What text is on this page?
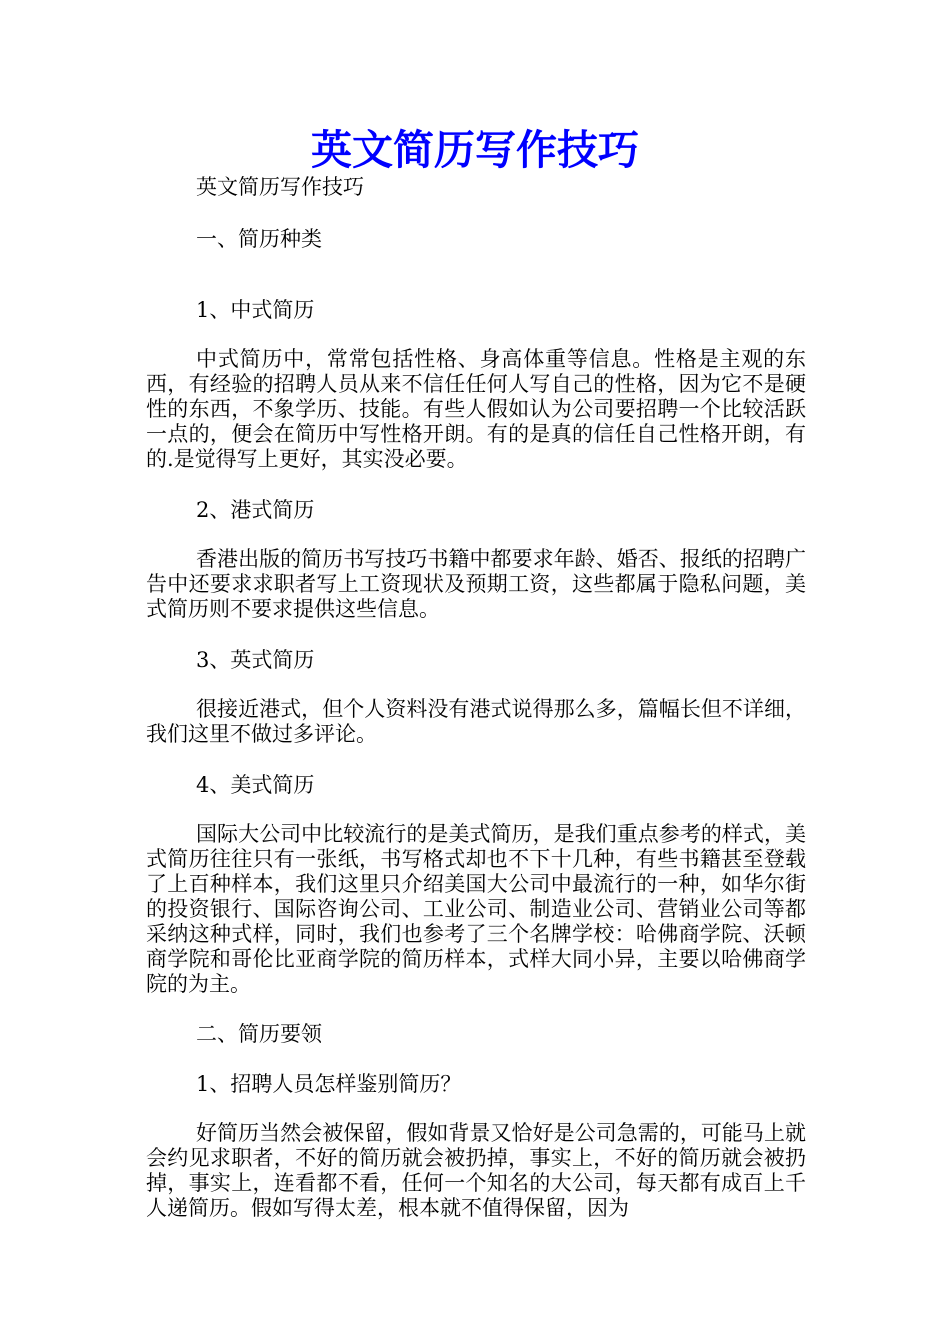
英文简历写作技巧

英文简历写作技巧

一、简历种类

1、中式简历

中式简历中，常常包括性格、身高体重等信息。性格是主观的东西，有经验的招聘人员从来不信任任何人写自己的性格，因为它不是硬性的东西，不象学历、技能。有些人假如认为公司要招聘一个比较活跃一点的，便会在简历中写性格开朗。有的是真的信任自己性格开朗，有的.是觉得写上更好，其实没必要。

2、港式简历

香港出版的简历书写技巧书籍中都要求年龄、婚否、报纸的招聘广告中还要求求职者写上工资现状及预期工资，这些都属于隐私问题，美式简历则不要求提供这些信息。

3、英式简历

很接近港式，但个人资料没有港式说得那么多，篇幅长但不详细，我们这里不做过多评论。

4、美式简历

国际大公司中比较流行的是美式简历，是我们重点参考的样式，美式简历往往只有一张纸，书写格式却也不下十几种，有些书籍甚至登载了上百种样本，我们这里只介绍美国大公司中最流行的一种，如华尔街的投资银行、国际咨询公司、工业公司、制造业公司、营销业公司等都采纳这种式样，同时，我们也参考了三个名牌学校：哈佛商学院、沃顿商学院和哥伦比亚商学院的简历样本，式样大同小异，主要以哈佛商学院的为主。

二、简历要领

1、招聘人员怎样鉴别简历？

好简历当然会被保留，假如背景又恰好是公司急需的，可能马上就会约见求职者，不好的简历就会被扔掉，事实上，不好的简历就会被扔掉，事实上，连看都不看，任何一个知名的大公司，每天都有成百上千人递简历。假如写得太差，根本就不值得保留，因为
